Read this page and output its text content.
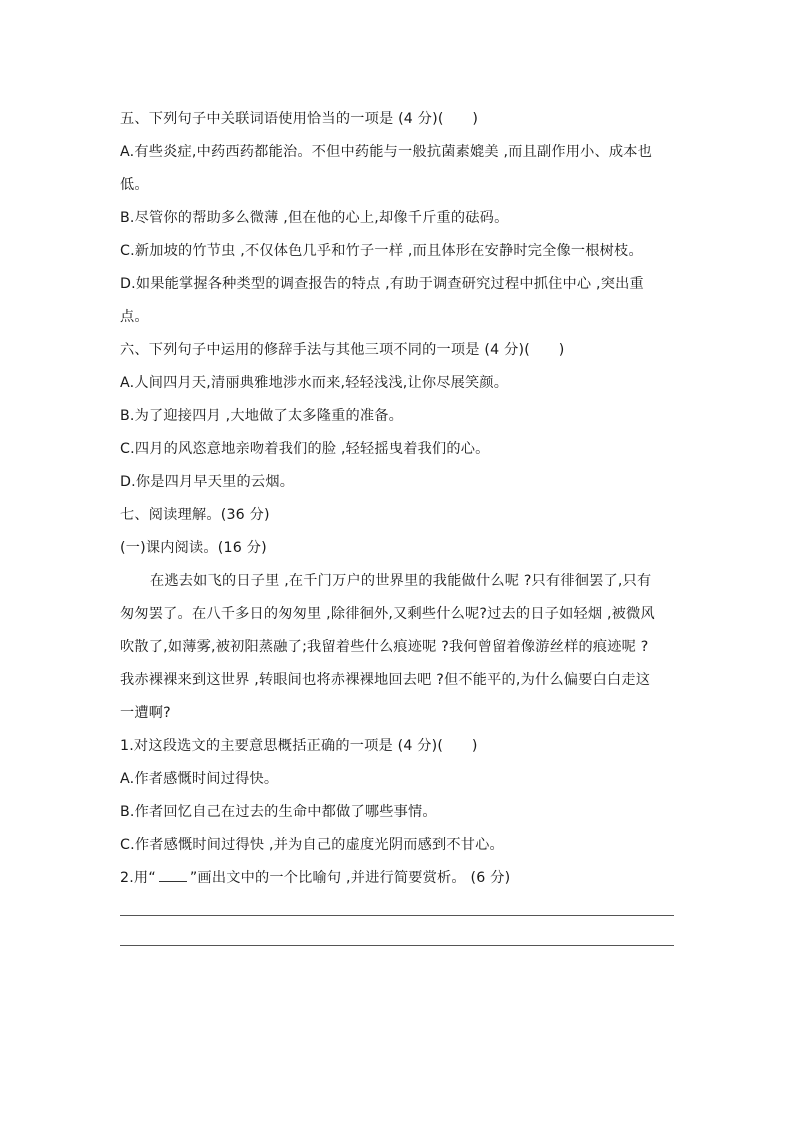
五、下列句子中关联词语使用恰当的一项是 (4 分)(　　)
A.有些炎症,中药西药都能治。不但中药能与一般抗菌素媲美 ,而且副作用小、成本也
低。
B.尽管你的帮助多么微薄 ,但在他的心上,却像千斤重的砝码。
C.新加坡的竹节虫 ,不仅体色几乎和竹子一样 ,而且体形在安静时完全像一根树枝。
D.如果能掌握各种类型的调查报告的特点 ,有助于调查研究过程中抓住中心 ,突出重
点。
六、下列句子中运用的修辞手法与其他三项不同的一项是 (4 分)(　　)
A.人间四月天,清丽典雅地涉水而来,轻轻浅浅,让你尽展笑颜。
B.为了迎接四月 ,大地做了太多隆重的准备。
C.四月的风恣意地亲吻着我们的脸 ,轻轻摇曳着我们的心。
D.你是四月早天里的云烟。
七、阅读理解。(36 分)
(一)课内阅读。(16 分)
在逃去如飞的日子里 ,在千门万户的世界里的我能做什么呢 ?只有徘徊罢了,只有
匆匆罢了。在八千多日的匆匆里 ,除徘徊外,又剩些什么呢?过去的日子如轻烟 ,被微风
吹散了,如薄雾,被初阳蒸融了;我留着些什么痕迹呢 ?我何曾留着像游丝样的痕迹呢 ?
我赤裸裸来到这世界 ,转眼间也将赤裸裸地回去吧 ?但不能平的,为什么偏要白白走这
一遭啊?
1.对这段选文的主要意思概括正确的一项是 (4 分)(　　)
A.作者感慨时间过得快。
B.作者回忆自己在过去的生命中都做了哪些事情。
C.作者感慨时间过得快 ,并为自己的虚度光阴而感到不甘心。
2.用“ ”画出文中的一个比喻句 ,并进行简要赏析。 (6 分)
